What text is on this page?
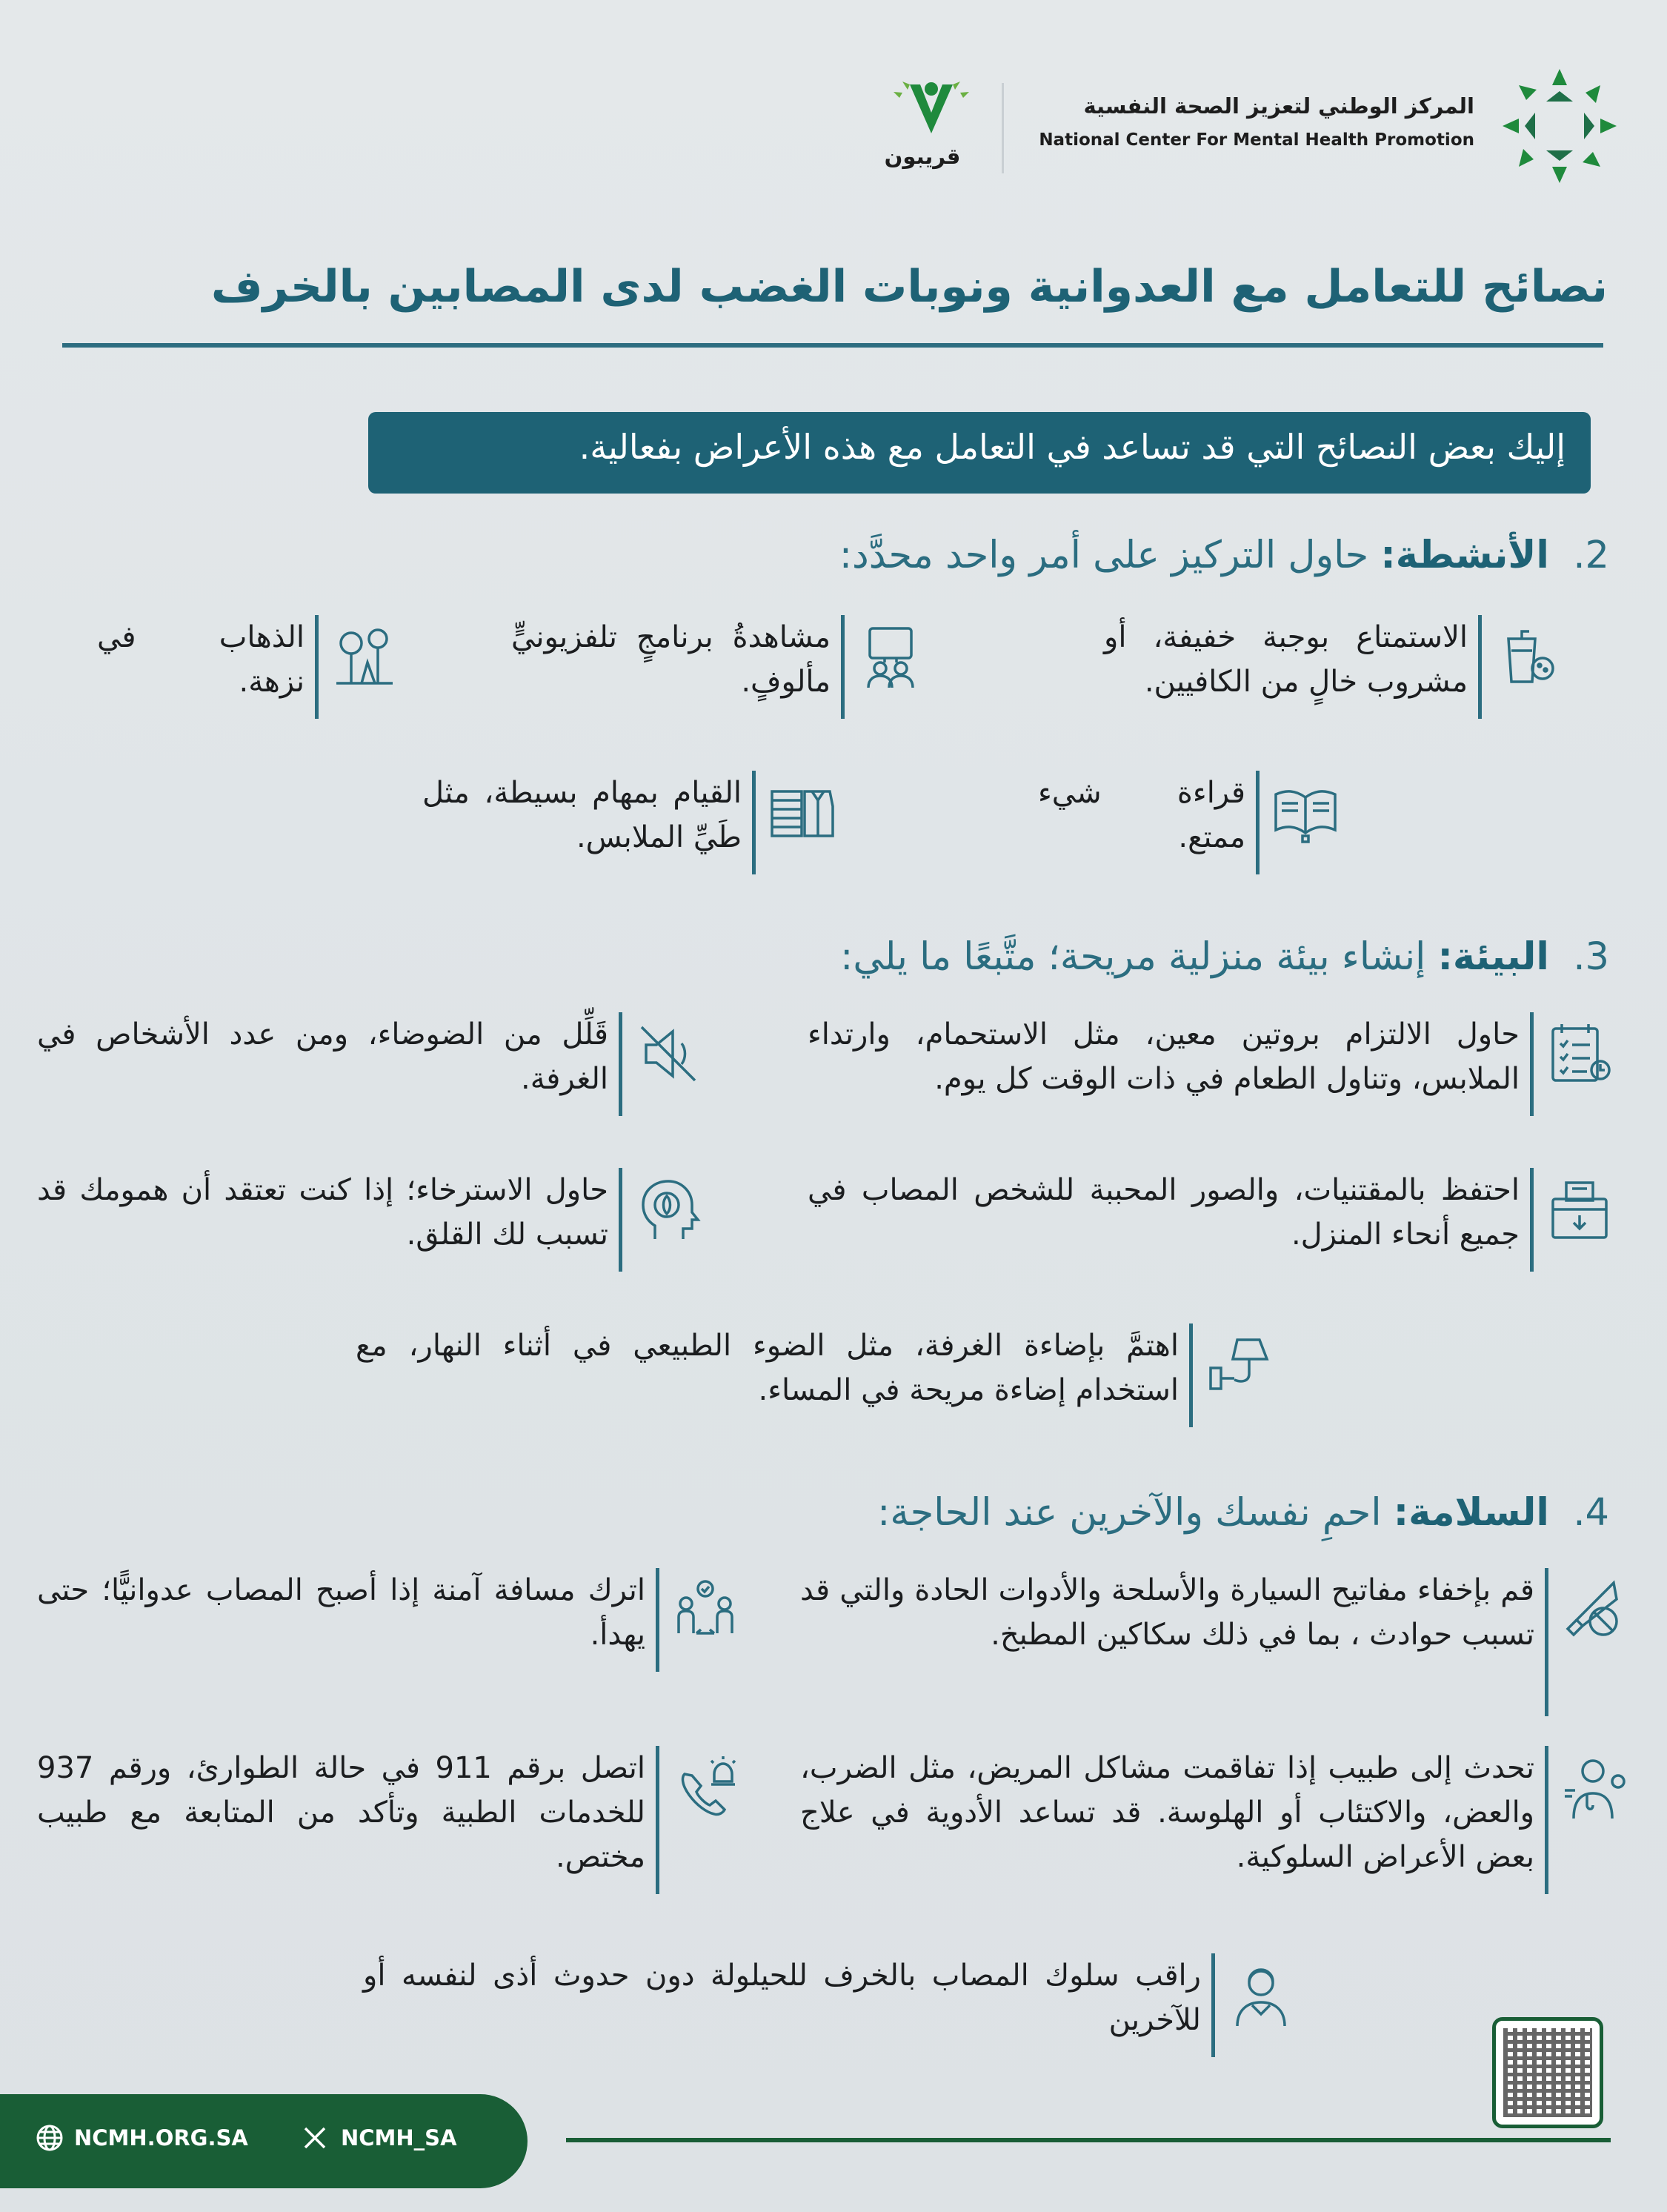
المركز الوطني لتعزيز الصحة النفسية
National Center For Mental Health Promotion
قريبون
نصائح للتعامل مع العدوانية ونوبات الغضب لدى المصابين بالخرف
إليك بعض النصائح التي قد تساعد في التعامل مع هذه الأعراض بفعالية.
2.  الأنشطة: حاول التركيز على أمر واحد محدَّد:
الاستمتاع بوجبة خفيفة، أو مشروب خالٍ من الكافيين.
مشاهدةُ برنامجٍ تلفزيونيٍّ مألوفٍ.
الذهاب في نزهة.
قراءة شيء ممتع.
القيام بمهام بسيطة، مثل طَيِّ الملابس.
3.  البيئة: إنشاء بيئة منزلية مريحة؛ متَّبعًا ما يلي:
حاول الالتزام بروتين معين، مثل الاستحمام، وارتداء الملابس، وتناول الطعام في ذات الوقت كل يوم.
قَلِّل من الضوضاء، ومن عدد الأشخاص في الغرفة.
احتفظ بالمقتنيات، والصور المحببة للشخص المصاب في جميع أنحاء المنزل.
حاول الاسترخاء؛ إذا كنت تعتقد أن همومك قد تسبب لك القلق.
اهتمَّ بإضاءة الغرفة، مثل الضوء الطبيعي في أثناء النهار، مع استخدام إضاءة مريحة في المساء.
4.  السلامة: احمِ نفسك والآخرين عند الحاجة:
قم بإخفاء مفاتيح السيارة والأسلحة والأدوات الحادة والتي قد تسبب حوادث ، بما في ذلك سكاكين المطبخ.
اترك مسافة آمنة إذا أصبح المصاب عدوانيًّا؛ حتى يهدأ.
تحدث إلى طبيب إذا تفاقمت مشاكل المريض، مثل الضرب، والعض، والاكتئاب أو الهلوسة. قد تساعد الأدوية في علاج بعض الأعراض السلوكية.
اتصل برقم 911 في حالة الطوارئ، ورقم 937 للخدمات الطبية وتأكد من المتابعة مع طبيب مختص.
راقب سلوك المصاب بالخرف للحيلولة دون حدوث أذى لنفسه أو للآخرين
NCMH.ORG.SA	NCMH_SA
